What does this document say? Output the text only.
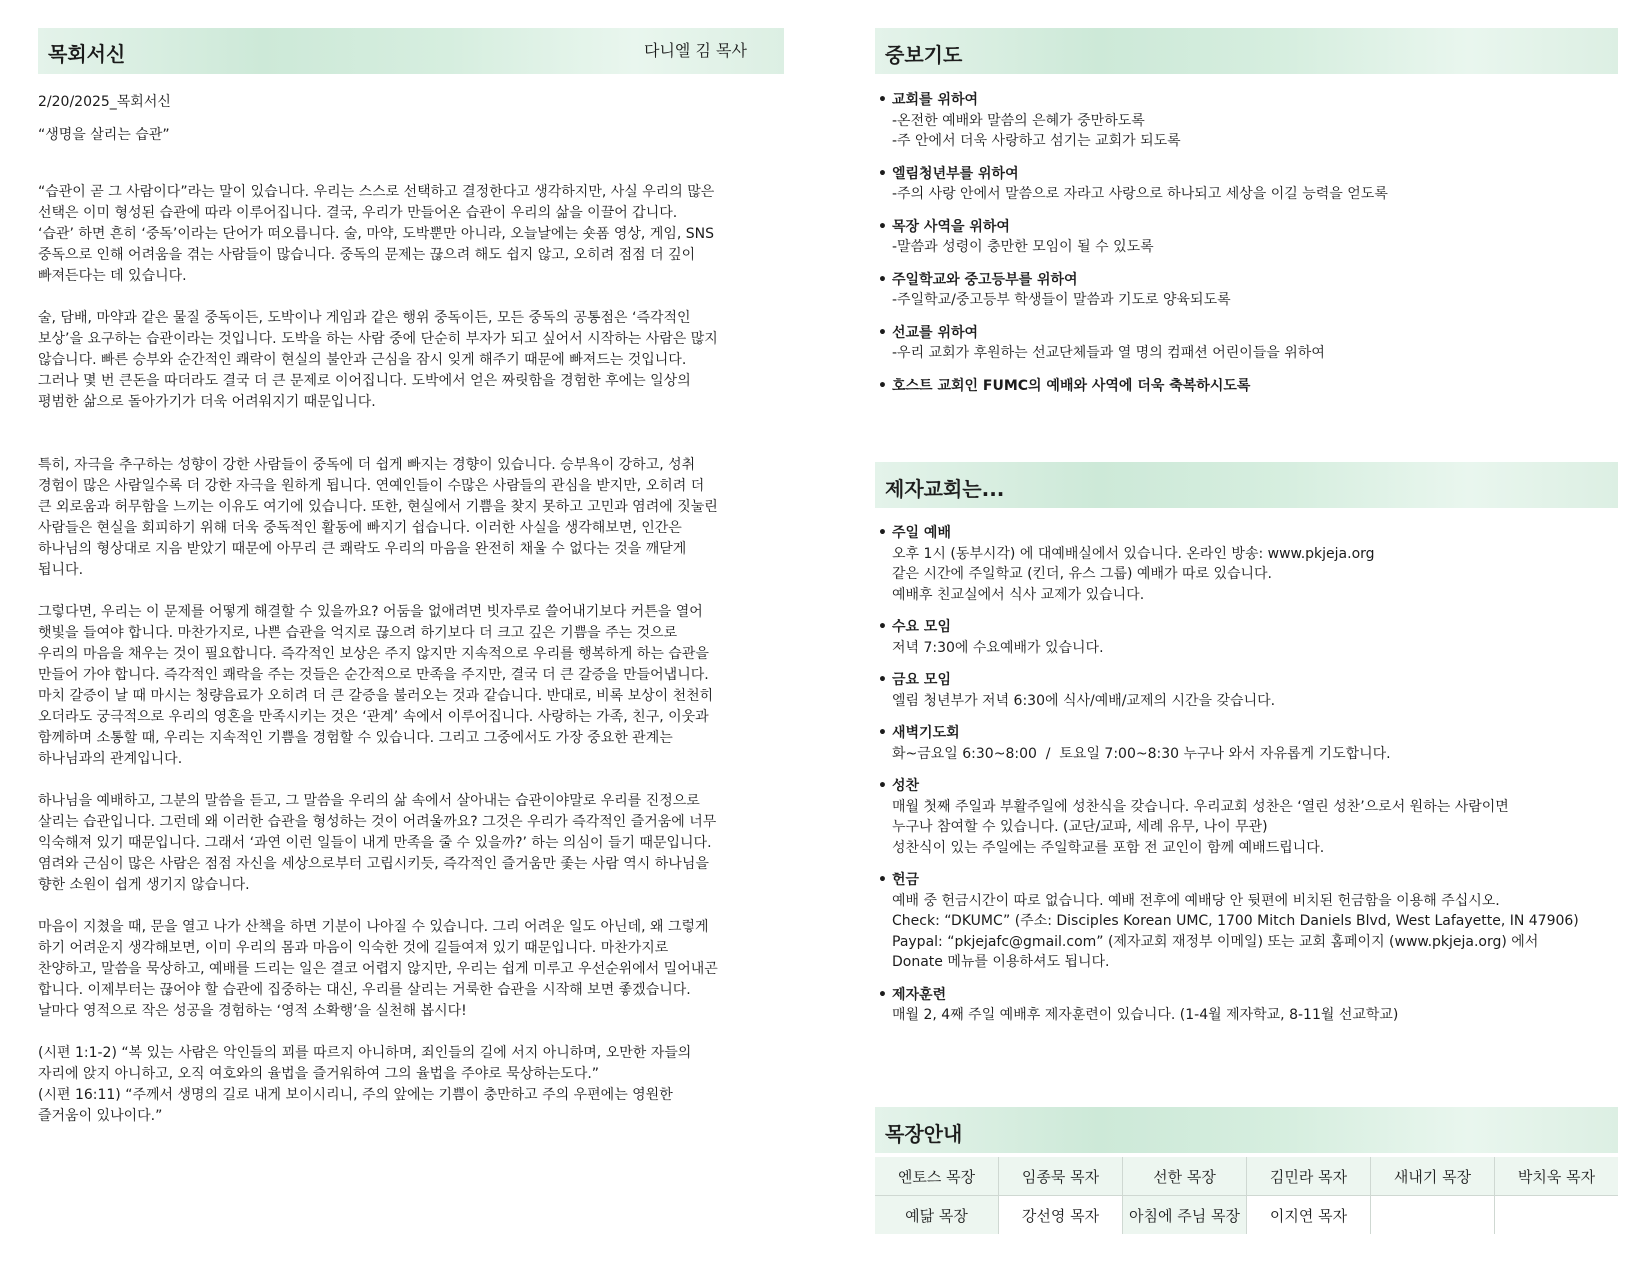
목회서신	다니엘 김 목사

2/20/2025_목회서신

“생명을 살리는 습관”

“습관이 곧 그 사람이다”라는 말이 있습니다. 우리는 스스로 선택하고 결정한다고 생각하지만, 사실 우리의 많은
선택은 이미 형성된 습관에 따라 이루어집니다. 결국, 우리가 만들어온 습관이 우리의 삶을 이끌어 갑니다.
‘습관’ 하면 흔히 ‘중독’이라는 단어가 떠오릅니다. 술, 마약, 도박뿐만 아니라, 오늘날에는 숏폼 영상, 게임, SNS
중독으로 인해 어려움을 겪는 사람들이 많습니다. 중독의 문제는 끊으려 해도 쉽지 않고, 오히려 점점 더 깊이
빠져든다는 데 있습니다.

술, 담배, 마약과 같은 물질 중독이든, 도박이나 게임과 같은 행위 중독이든, 모든 중독의 공통점은 ‘즉각적인
보상’을 요구하는 습관이라는 것입니다. 도박을 하는 사람 중에 단순히 부자가 되고 싶어서 시작하는 사람은 많지
않습니다. 빠른 승부와 순간적인 쾌락이 현실의 불안과 근심을 잠시 잊게 해주기 때문에 빠져드는 것입니다.
그러나 몇 번 큰돈을 따더라도 결국 더 큰 문제로 이어집니다. 도박에서 얻은 짜릿함을 경험한 후에는 일상의
평범한 삶으로 돌아가기가 더욱 어려워지기 때문입니다.

특히, 자극을 추구하는 성향이 강한 사람들이 중독에 더 쉽게 빠지는 경향이 있습니다. 승부욕이 강하고, 성취
경험이 많은 사람일수록 더 강한 자극을 원하게 됩니다. 연예인들이 수많은 사람들의 관심을 받지만, 오히려 더
큰 외로움과 허무함을 느끼는 이유도 여기에 있습니다. 또한, 현실에서 기쁨을 찾지 못하고 고민과 염려에 짓눌린
사람들은 현실을 회피하기 위해 더욱 중독적인 활동에 빠지기 쉽습니다. 이러한 사실을 생각해보면, 인간은
하나님의 형상대로 지음 받았기 때문에 아무리 큰 쾌락도 우리의 마음을 완전히 채울 수 없다는 것을 깨닫게
됩니다.

그렇다면, 우리는 이 문제를 어떻게 해결할 수 있을까요? 어둠을 없애려면 빗자루로 쓸어내기보다 커튼을 열어
햇빛을 들여야 합니다. 마찬가지로, 나쁜 습관을 억지로 끊으려 하기보다 더 크고 깊은 기쁨을 주는 것으로
우리의 마음을 채우는 것이 필요합니다. 즉각적인 보상은 주지 않지만 지속적으로 우리를 행복하게 하는 습관을
만들어 가야 합니다. 즉각적인 쾌락을 주는 것들은 순간적으로 만족을 주지만, 결국 더 큰 갈증을 만들어냅니다.
마치 갈증이 날 때 마시는 청량음료가 오히려 더 큰 갈증을 불러오는 것과 같습니다. 반대로, 비록 보상이 천천히
오더라도 궁극적으로 우리의 영혼을 만족시키는 것은 ‘관계’ 속에서 이루어집니다. 사랑하는 가족, 친구, 이웃과
함께하며 소통할 때, 우리는 지속적인 기쁨을 경험할 수 있습니다. 그리고 그중에서도 가장 중요한 관계는
하나님과의 관계입니다.

하나님을 예배하고, 그분의 말씀을 듣고, 그 말씀을 우리의 삶 속에서 살아내는 습관이야말로 우리를 진정으로
살리는 습관입니다. 그런데 왜 이러한 습관을 형성하는 것이 어려울까요? 그것은 우리가 즉각적인 즐거움에 너무
익숙해져 있기 때문입니다. 그래서 ‘과연 이런 일들이 내게 만족을 줄 수 있을까?’ 하는 의심이 들기 때문입니다.
염려와 근심이 많은 사람은 점점 자신을 세상으로부터 고립시키듯, 즉각적인 즐거움만 좇는 사람 역시 하나님을
향한 소원이 쉽게 생기지 않습니다.

마음이 지쳤을 때, 문을 열고 나가 산책을 하면 기분이 나아질 수 있습니다. 그리 어려운 일도 아닌데, 왜 그렇게
하기 어려운지 생각해보면, 이미 우리의 몸과 마음이 익숙한 것에 길들여져 있기 때문입니다. 마찬가지로
찬양하고, 말씀을 묵상하고, 예배를 드리는 일은 결코 어렵지 않지만, 우리는 쉽게 미루고 우선순위에서 밀어내곤
합니다. 이제부터는 끊어야 할 습관에 집중하는 대신, 우리를 살리는 거룩한 습관을 시작해 보면 좋겠습니다.
날마다 영적으로 작은 성공을 경험하는 ‘영적 소확행’을 실천해 봅시다!

(시편 1:1-2) “복 있는 사람은 악인들의 꾀를 따르지 아니하며, 죄인들의 길에 서지 아니하며, 오만한 자들의
자리에 앉지 아니하고, 오직 여호와의 율법을 즐거워하여 그의 율법을 주야로 묵상하는도다.”
(시편 16:11) “주께서 생명의 길로 내게 보이시리니, 주의 앞에는 기쁨이 충만하고 주의 우편에는 영원한
즐거움이 있나이다.”

중보기도
• 교회를 위하여
-온전한 예배와 말씀의 은혜가 중만하도록
-주 안에서 더욱 사랑하고 섬기는 교회가 되도록
• 엘림청년부를 위하여
-주의 사랑 안에서 말씀으로 자라고 사랑으로 하나되고 세상을 이길 능력을 얻도록
• 목장 사역을 위하여
-말씀과 성령이 충만한 모임이 될 수 있도록
• 주일학교와 중고등부를 위하여
-주일학교/중고등부 학생들이 말씀과 기도로 양육되도록
• 선교를 위하여
-우리 교회가 후원하는 선교단체들과 열 명의 컴패션 어린이들을 위하여
• 호스트 교회인 FUMC의 예배와 사역에 더욱 축복하시도록
제자교회는...
• 주일 예배
오후 1시 (동부시각) 에 대예배실에서 있습니다. 온라인 방송: www.pkjeja.org
같은 시간에 주일학교 (킨더, 유스 그룹) 예배가 따로 있습니다.
예배후 친교실에서 식사 교제가 있습니다.
• 수요 모임
저녁 7:30에 수요예배가 있습니다.
• 금요 모임
엘림 청년부가 저녁 6:30에 식사/예배/교제의 시간을 갖습니다.
• 새벽기도회
화~금요일 6:30~8:00  /  토요일 7:00~8:30 누구나 와서 자유롭게 기도합니다.
• 성찬
매월 첫째 주일과 부활주일에 성찬식을 갖습니다. 우리교회 성찬은 ‘열린 성찬’으로서 원하는 사람이면
누구나 참여할 수 있습니다. (교단/교파, 세례 유무, 나이 무관)
성찬식이 있는 주일에는 주일학교를 포함 전 교인이 함께 예배드립니다.
• 헌금
예배 중 헌금시간이 따로 없습니다. 예배 전후에 예배당 안 뒷편에 비치된 헌금함을 이용해 주십시오.
Check: “DKUMC” (주소: Disciples Korean UMC, 1700 Mitch Daniels Blvd, West Lafayette, IN 47906)
Paypal: “pkjejafc@gmail.com” (제자교회 재정부 이메일) 또는 교회 홈페이지 (www.pkjeja.org) 에서
Donate 메뉴를 이용하셔도 됩니다.
• 제자훈련
매월 2, 4째 주일 예배후 제자훈련이 있습니다. (1-4월 제자학교, 8-11월 선교학교)
목장안내
엔토스 목장	임종묵 목자	선한 목장	김민라 목자	새내기 목장	박치욱 목자
예닮 목장	강선영 목자	아침에 주님 목장	이지연 목자		
